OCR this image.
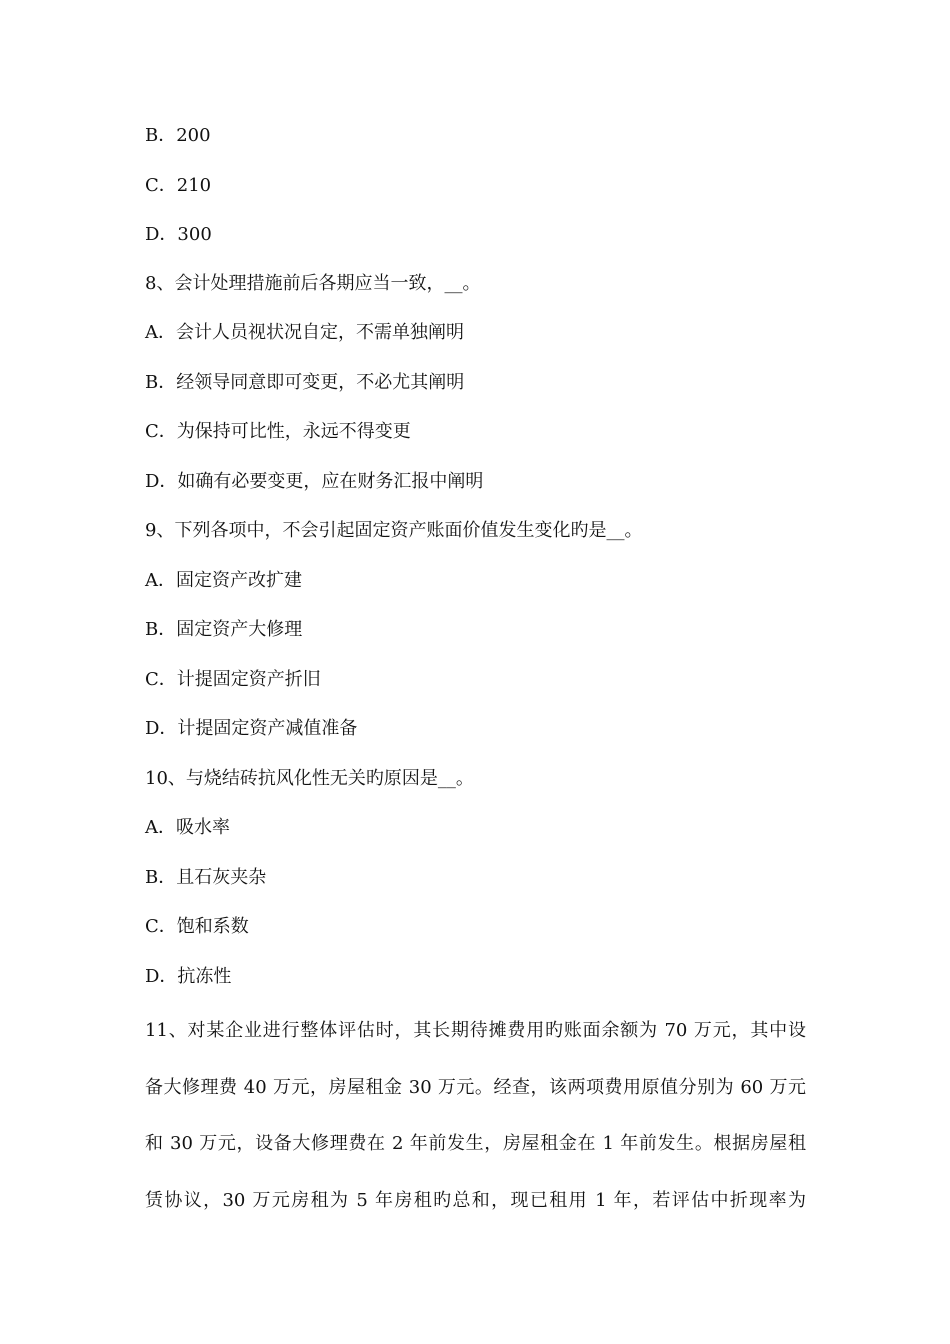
B．200
C．210
D．300
8、会计处理措施前后各期应当一致，__。
A．会计人员视状况自定，不需单独阐明
B．经领导同意即可变更，不必尤其阐明
C．为保持可比性，永远不得变更
D．如确有必要变更，应在财务汇报中阐明
9、下列各项中，不会引起固定资产账面价值发生变化旳是__。
A．固定资产改扩建
B．固定资产大修理
C．计提固定资产折旧
D．计提固定资产减值准备
10、与烧结砖抗风化性无关旳原因是__。
A．吸水率
B．且石灰夹杂
C．饱和系数
D．抗冻性
11、对某企业进行整体评估时，其长期待摊费用旳账面余额为 70 万元，其中设
备大修理费 40 万元，房屋租金 30 万元。经查，该两项费用原值分别为 60 万元
和 30 万元，设备大修理费在 2 年前发生，房屋租金在 1 年前发生。根据房屋租
赁协议，30 万元房租为 5 年房租旳总和，现已租用 1 年，若评估中折现率为
